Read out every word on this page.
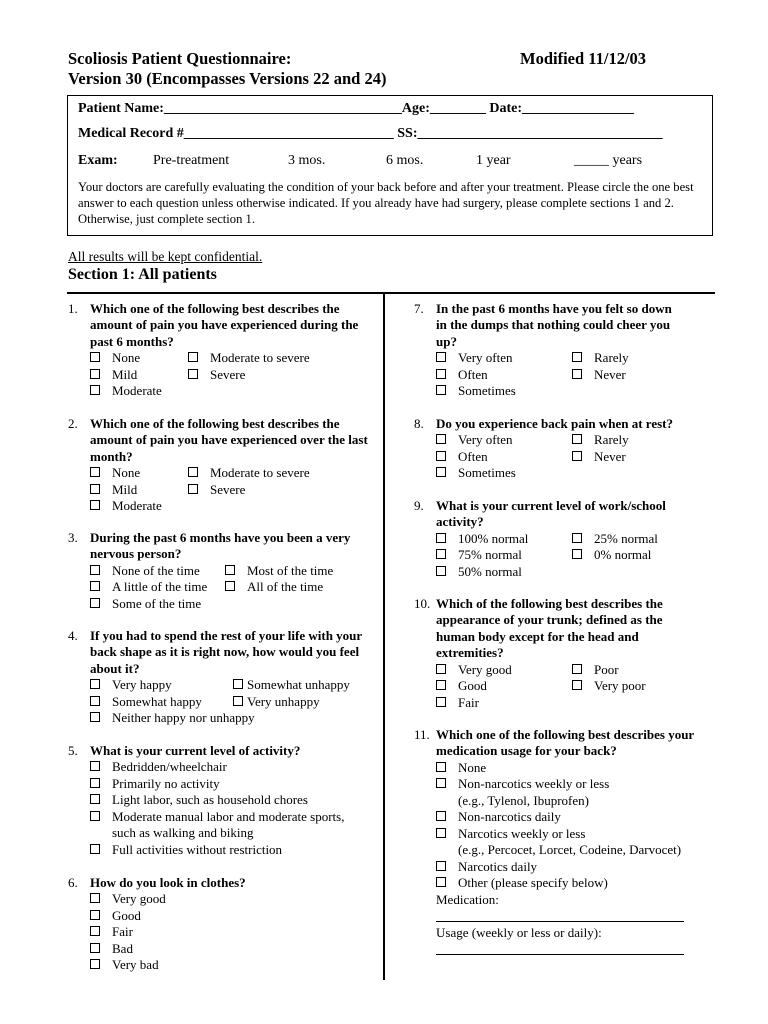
Scoliosis Patient Questionnaire:	Modified 11/12/03
Version 30 (Encompasses Versions 22 and 24)
Patient Name:__________________________________Age:________ Date:________________
Medical Record #______________________________ SS:___________________________________
Exam:	Pre-treatment	3 mos.	6 mos.	1 year	_____ years
Your doctors are carefully evaluating the condition of your back before and after your treatment. Please circle the one best answer to each question unless otherwise indicated. If you already have had surgery, please complete sections 1 and 2. Otherwise, just complete section 1.
All results will be kept confidential.
Section 1: All patients
1. Which one of the following best describes the amount of pain you have experienced during the past 6 months?
None	Moderate to severe
Mild	Severe
Moderate
2. Which one of the following best describes the amount of pain you have experienced over the last month?
None	Moderate to severe
Mild	Severe
Moderate
3. During the past 6 months have you been a very nervous person?
None of the time	Most of the time
A little of the time	All of the time
Some of the time
4. If you had to spend the rest of your life with your back shape as it is right now, how would you feel about it?
Very happy	Somewhat unhappy
Somewhat happy	Very unhappy
Neither happy nor unhappy
5. What is your current level of activity?
Bedridden/wheelchair
Primarily no activity
Light labor, such as household chores
Moderate manual labor and moderate sports,
such as walking and biking
Full activities without restriction
6. How do you look in clothes?
Very good
Good
Fair
Bad
Very bad
7. In the past 6 months have you felt so down in the dumps that nothing could cheer you up?
Very often	Rarely
Often	Never
Sometimes
8. Do you experience back pain when at rest?
Very often	Rarely
Often	Never
Sometimes
9. What is your current level of work/school activity?
100% normal	25% normal
75% normal	0% normal
50% normal
10. Which of the following best describes the appearance of your trunk; defined as the human body except for the head and extremities?
Very good	Poor
Good	Very poor
Fair
11. Which one of the following best describes your medication usage for your back?
None
Non-narcotics weekly or less
(e.g., Tylenol, Ibuprofen)
Non-narcotics daily
Narcotics weekly or less
(e.g., Percocet, Lorcet, Codeine, Darvocet)
Narcotics daily
Other (please specify below)
Medication:
Usage (weekly or less or daily):
